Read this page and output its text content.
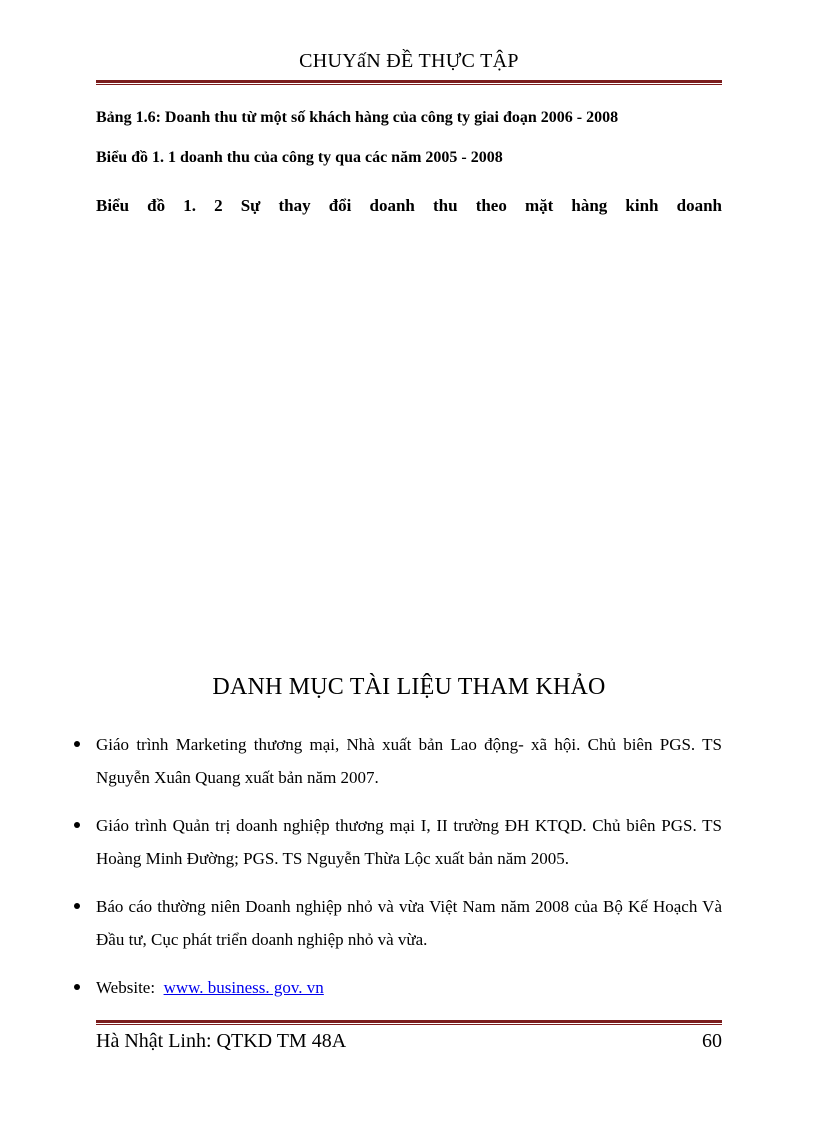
CHUYấN ĐỀ THỰC TẬP
Bảng 1.6: Doanh thu từ một số khách hàng của công ty giai đoạn 2006 - 2008
Biểu đồ 1. 1 doanh thu của công ty qua các năm 2005 - 2008
Biểu đồ 1. 2 Sự thay đổi doanh thu theo mặt hàng kinh doanh
DANH MỤC TÀI LIỆU THAM KHẢO
Giáo trình Marketing thương mại, Nhà xuất bản Lao động- xã hội. Chủ biên PGS. TS Nguyễn Xuân Quang xuất bản năm 2007.
Giáo trình Quản trị doanh nghiệp thương mại I, II trường ĐH KTQD. Chủ biên PGS. TS Hoàng Minh Đường; PGS. TS Nguyễn Thừa Lộc xuất bản năm 2005.
Báo cáo thường niên Doanh nghiệp nhỏ và vừa Việt Nam năm 2008 của Bộ Kế Hoạch Và Đầu tư, Cục phát triển doanh nghiệp nhỏ và vừa.
Website: www. business. gov. vn
Hà Nhật Linh: QTKD TM 48A	60
